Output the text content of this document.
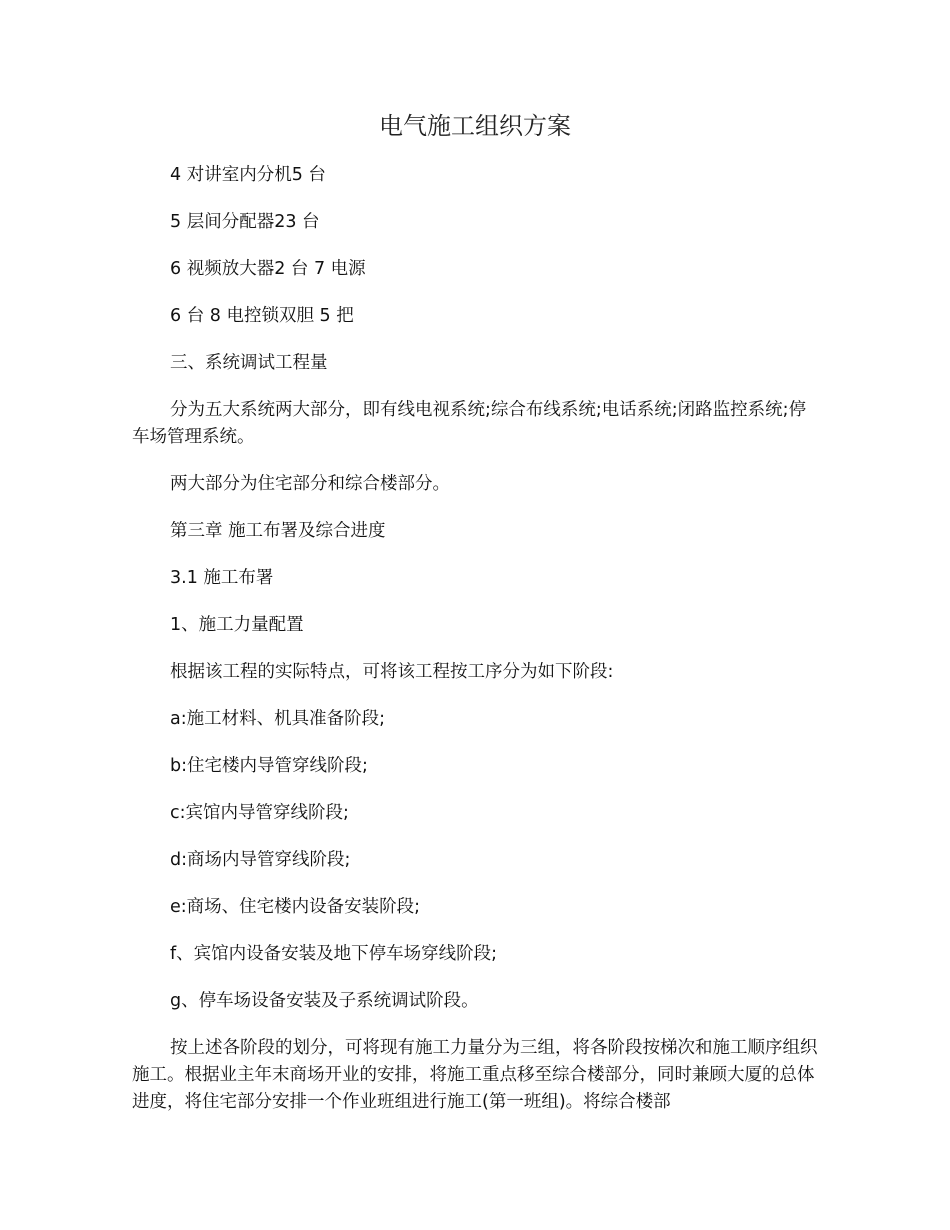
电气施工组织方案

4 对讲室内分机5 台

5 层间分配器23 台

6 视频放大器2 台 7 电源

6 台 8 电控锁双胆 5 把

三、系统调试工程量

分为五大系统两大部分，即有线电视系统;综合布线系统;电话系统;闭路监控系统;停车场管理系统。

两大部分为住宅部分和综合楼部分。

第三章 施工布署及综合进度

3.1 施工布署

1、施工力量配置

根据该工程的实际特点，可将该工程按工序分为如下阶段:

a:施工材料、机具准备阶段;

b:住宅楼内导管穿线阶段;

c:宾馆内导管穿线阶段;

d:商场内导管穿线阶段;

e:商场、住宅楼内设备安装阶段;

f、宾馆内设备安装及地下停车场穿线阶段;

g、停车场设备安装及子系统调试阶段。

按上述各阶段的划分，可将现有施工力量分为三组，将各阶段按梯次和施工顺序组织施工。根据业主年末商场开业的安排，将施工重点移至综合楼部分，同时兼顾大厦的总体进度，将住宅部分安排一个作业班组进行施工(第一班组)。将综合楼部
